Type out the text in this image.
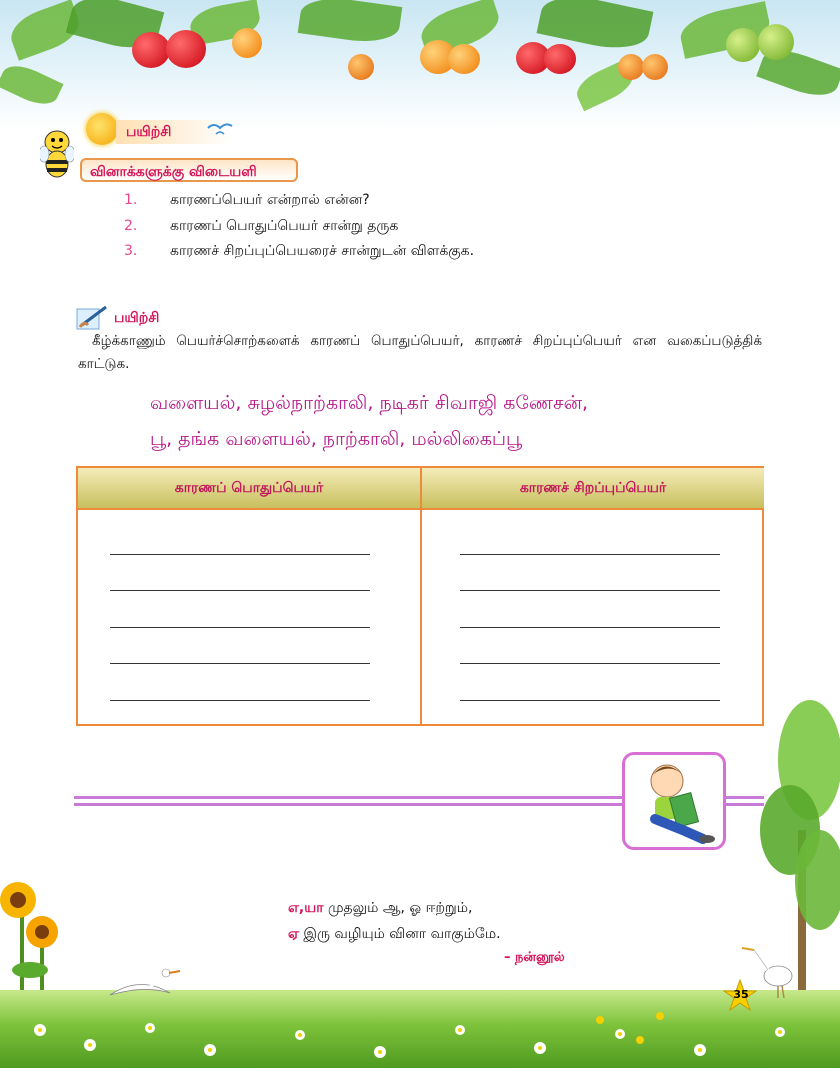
பயிற்சி
வினாக்களுக்கு விடையளி
1. காரணப்பெயர் என்றால் என்ன?
2. காரணப் பொதுப்பெயர் சான்று தருக
3. காரணச் சிறப்புப்பெயரைச் சான்றுடன் விளக்குக.
பயிற்சி
கீழ்க்காணும் பெயர்ச்சொற்களைக் காரணப் பொதுப்பெயர், காரணச் சிறப்புப்பெயர் என வகைப்படுத்திக் காட்டுக.
வளையல், சுழல்நாற்காலி, நடிகர் சிவாஜி கணேசன்,
பூ, தங்க வளையல், நாற்காலி, மல்லிகைப்பூ
காரணப் பொதுப்பெயர்	காரணச் சிறப்புப்பெயர்
எ,யா முதலும் ஆ, ஓ ஈற்றும்,
ஏ இரு வழியும் வினா வாகும்மே.
– நன்னூல்
35
